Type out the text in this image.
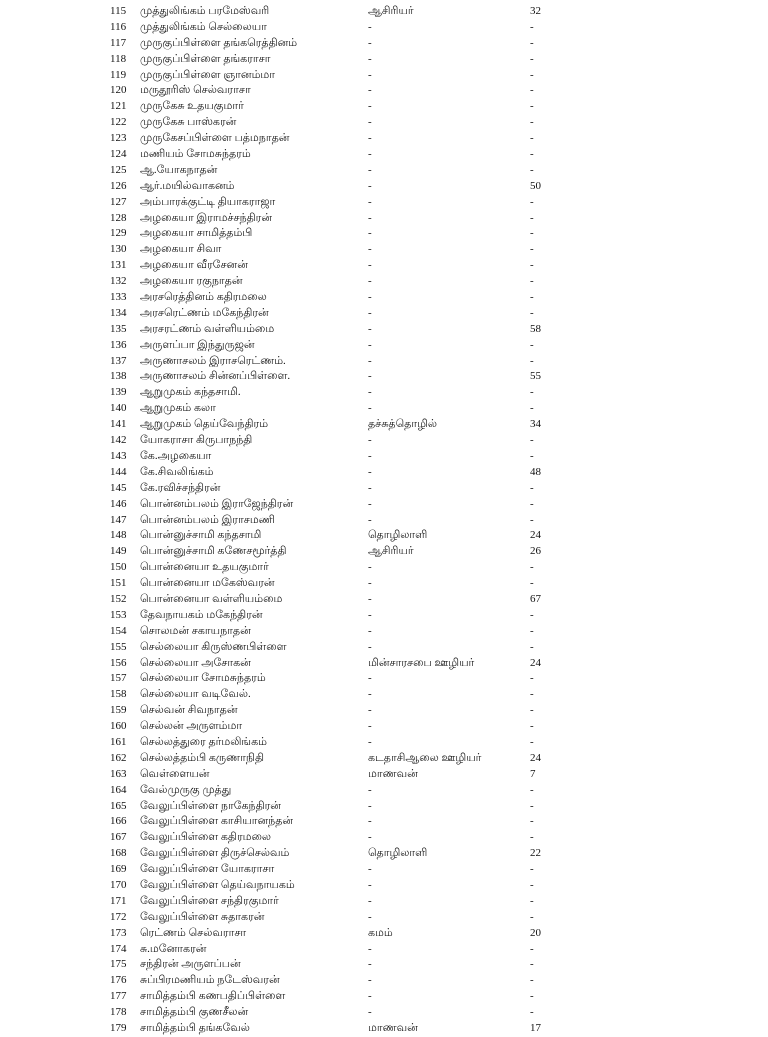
115	முத்துலிங்கம் பரமேஸ்வரி	ஆசிரியர்	32
116	முத்துலிங்கம் செல்லையா	-	-
117	முருகுப்பிள்ளை தங்கரெத்தினம்	-	-
118	முருகுப்பிள்ளை தங்கராசா	-	-
119	முருகுப்பிள்ளை ஞானம்மா	-	-
120	மருதூரிஸ் செல்வராசா	-	-
121	முருகேசு உதயகுமார்	-	-
122	முருகேசு பாஸ்கரன்	-	-
123	முருகேசப்பிள்ளை பத்மநாதன்	-	-
124	மணியம் சோமசுந்தரம்	-	-
125	ஆ.யோகநாதன்	-	-
126	ஆர்.மயில்வாகனம்	-	50
127	அம்பாரக்குட்டி தியாகராஜா	-	-
128	அழகையா இராமச்சந்திரன்	-	-
129	அழகையா சாமித்தம்பி	-	-
130	அழகையா சிவா	-	-
131	அழகையா வீரசேனன்	-	-
132	அழகையா ரகுநாதன்	-	-
133	அரசரெத்தினம் கதிரமலை	-	-
134	அரசரெட்ணம் மகேந்திரன்	-	-
135	அரசரட்ணம் வள்ளியம்மை	-	58
136	அருளப்பா இந்துருஜன்	-	-
137	அருணாசலம் இராசரெட்ணம்.	-	-
138	அருணாசலம் சின்னப்பிள்ளை.	-	55
139	ஆறுமுகம் கந்தசாமி.	-	-
140	ஆறுமுகம் கலா	-	-
141	ஆறுமுகம் தெய்வேந்திரம்	தச்சுத்தொழில்	34
142	யோகராசா கிருபாநந்தி	-	-
143	கே.அழகையா	-	-
144	கே.சிவலிங்கம்	-	48
145	கே.ரவிச்சந்திரன்	-	-
146	பொன்னம்பலம் இராஜேந்திரன்	-	-
147	பொன்னம்பலம் இராசமணி	-	-
148	பொன்னுச்சாமி கந்தசாமி	தொழிலாளி	24
149	பொன்னுச்சாமி கணேசமூர்த்தி	ஆசிரியர்	26
150	பொன்னையா உதயகுமார்	-	-
151	பொன்னையா மகேஸ்வரன்	-	-
152	பொன்னையா வள்ளியம்மை	-	67
153	தேவநாயகம் மகேந்திரன்	-	-
154	சொலமன் சகாயநாதன்	-	-
155	செல்லையா கிருஸ்ணபிள்ளை	-	-
156	செல்லையா அசோகன்	மின்சாரசபை ஊழியர்	24
157	செல்லையா சோமசுந்தரம்	-	-
158	செல்லையா வடிவேல்.	-	-
159	செல்வன் சிவநாதன்	-	-
160	செல்லன் அருளம்மா	-	-
161	செல்லத்துரை தர்மலிங்கம்	-	-
162	செல்லத்தம்பி கருணாநிதி	கடதாசிஆலை ஊழியர்	24
163	வெள்ளையன்	மாணவன்	7
164	வேல்முருகு முத்து	-	-
165	வேலுப்பிள்ளை நாகேந்திரன்	-	-
166	வேலுப்பிள்ளை காசியானந்தன்	-	-
167	வேலுப்பிள்ளை கதிரமலை	-	-
168	வேலுப்பிள்ளை திருச்செல்வம்	தொழிலாளி	22
169	வேலுப்பிள்ளை யோகராசா	-	-
170	வேலுப்பிள்ளை தெய்வநாயகம்	-	-
171	வேலுப்பிள்ளை சந்திரகுமார்	-	-
172	வேலுப்பிள்ளை சுதாகரன்	-	-
173	ரெட்ணம் செல்வராசா	கமம்	20
174	சு.மனோகரன்	-	-
175	சந்திரன் அருளப்பன்	-	-
176	சுப்பிரமணியம் நடேஸ்வரன்	-	-
177	சாமித்தம்பி கணபதிப்பிள்ளை	-	-
178	சாமித்தம்பி குணசீலன்	-	-
179	சாமித்தம்பி தங்கவேல்	மாணவன்	17
